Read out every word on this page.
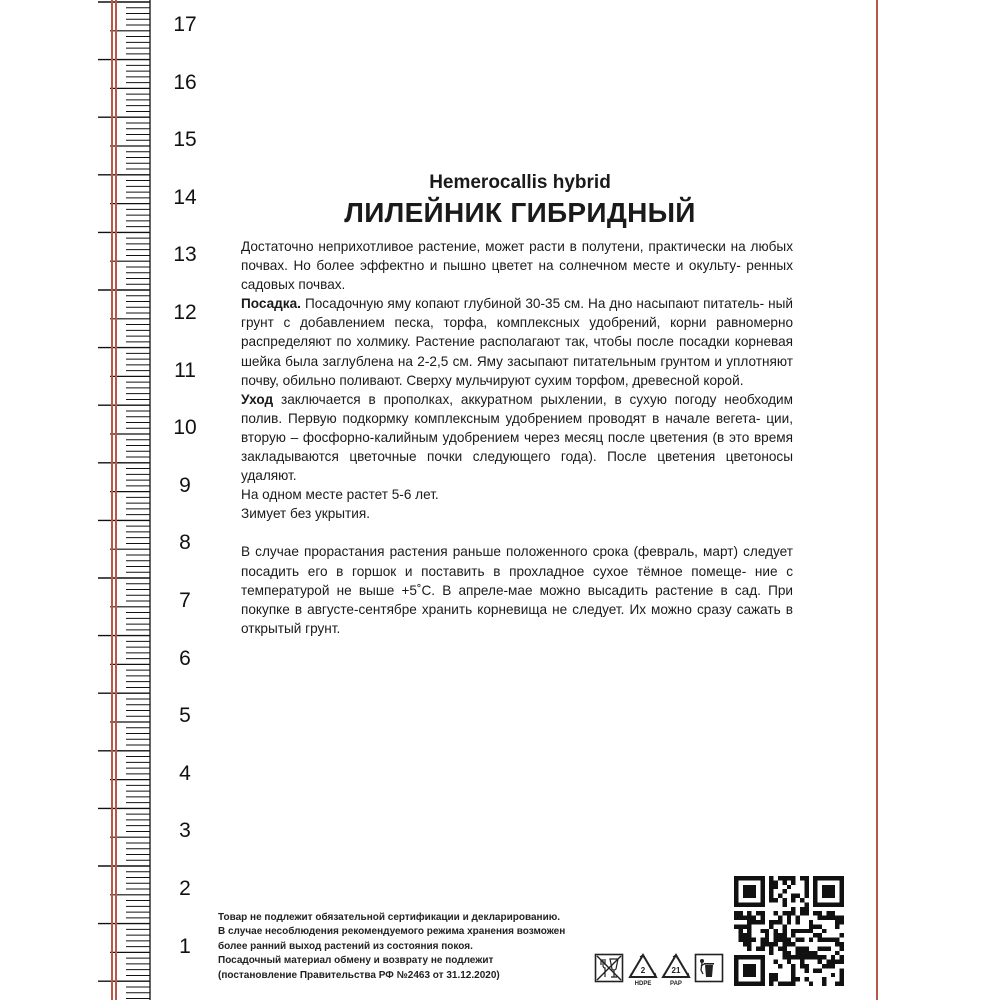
17
16
15
14
13
12
11
10
9
8
7
6
5
4
3
2
1
Hemerocallis hybrid
ЛИЛЕЙНИК ГИБРИДНЫЙ

Достаточно неприхотливое растение, может расти в полутени, практически на любых почвах. Но более эффектно и пышно цветет на солнечном месте и окульту- ренных садовых почвах.

Посадка. Посадочную яму копают глубиной 30-35 см. На дно насыпают питатель- ный грунт с добавлением песка, торфа, комплексных удобрений, корни равномерно распределяют по холмику. Растение располагают так, чтобы после посадки корневая шейка была заглублена на 2-2,5 см. Яму засыпают питательным грунтом и уплотняют почву, обильно поливают. Сверху мульчируют сухим торфом, древесной корой.

Уход заключается в прополках, аккуратном рыхлении, в сухую погоду необходим полив. Первую подкормку комплексным удобрением проводят в начале вегета- ции, вторую – фосфорно-калийным удобрением через месяц после цветения (в это время закладываются цветочные почки следующего года). После цветения цветоносы удаляют.

На одном месте растет 5-6 лет.

Зимует без укрытия.

В случае прорастания растения раньше положенного срока (февраль, март) следует посадить его в горшок и поставить в прохладное сухое тёмное помеще- ние с температурой не выше +5˚С. В апреле-мае можно высадить растение в сад. При покупке в августе-сентябре хранить корневища не следует. Их можно сразу сажать в открытый грунт.

Товар не подлежит обязательной сертификации и декларированию.
В случае несоблюдения рекомендуемого режима хранения возможен
более ранний выход растений из состояния покоя.
Посадочный материал обмену и возврату не подлежит
(постановление Правительства РФ №2463 от 31.12.2020)	2
HDPE
21
PAP
